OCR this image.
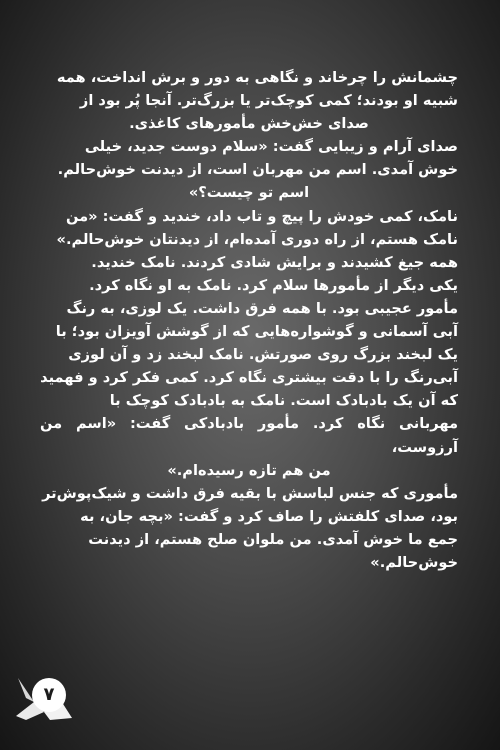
چشمانش را چرخاند و نگاهی به دور و برش انداخت، همه
شبیه او بودند؛ کمی کوچک‌تر یا بزرگ‌تر. آنجا پُر بود از
صدای خش‌خش مأمورهای کاغذی.

صدای آرام و زیبایی گفت: «سلام دوست جدید، خیلی
خوش آمدی. اسم من مهربان است، از دیدنت خوش‌حالم.
اسم تو چیست؟»

نامک، کمی خودش را پیچ و تاب داد، خندید و گفت: «من
نامک هستم، از راه دوری آمده‌ام، از دیدنتان خوش‌حالم.»
همه جیغ کشیدند و برایش شادی کردند. نامک خندید.
یکی دیگر از مأمورها سلام کرد. نامک به او نگاه کرد.
مأمور عجیبی بود. با همه فرق داشت. یک لوزی، به رنگ
آبی آسمانی و گوشواره‌هایی که از گوشش آویزان بود؛ با
یک لبخند بزرگ روی صورتش. نامک لبخند زد و آن لوزی
آبی‌رنگ را با دقت بیشتری نگاه کرد. کمی فکر کرد و فهمید
که آن یک بادبادک است. نامک به بادبادک کوچک با
مهربانی نگاه کرد. مأمور بادبادکی گفت: «اسم من آرزوست،
من هم تازه رسیده‌ام.»

مأموری که جنس لباسش با بقیه فرق داشت و شیک‌پوش‌تر
بود، صدای کلفتش را صاف کرد و گفت: «بچه جان، به
جمع ما خوش آمدی. من ملوان صلح هستم، از دیدنت
خوش‌حالم.»

۷
